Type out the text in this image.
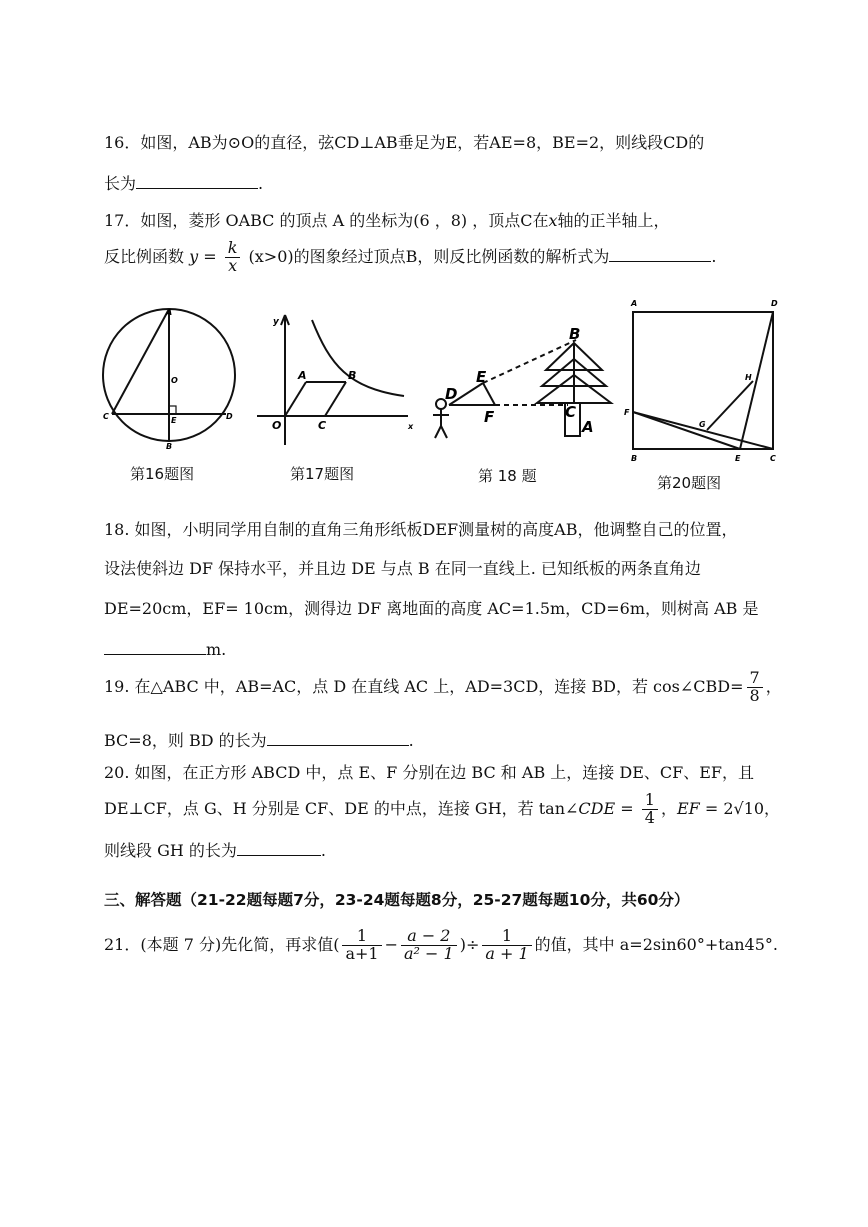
16．如图，AB为⊙O的直径，弦CD⊥AB垂足为E，若AE=8，BE=2，则线段CD的
长为	.
17．如图，菱形 OABC 的顶点 A 的坐标为(6 ，8) ，顶点C在x轴的正半轴上，
反比例函数 $y = \frac{k}{x} (x>0)$的图象经过顶点B，则反比例函数的解析式为	.
A
O
C	E	D
B
y
A	B
O	C	x
B
D
E
F	C
A
A	D
H
F
G
B	E	C
第16题图	第17题图	第 18 题	第20题图
18. 如图，小明同学用自制的直角三角形纸板DEF测量树的高度AB，他调整自己的位置，
设法使斜边 DF 保持水平，并且边 DE 与点 B 在同一直线上. 已知纸板的两条直角边
DE=20cm，EF= 10cm，测得边 DF 离地面的高度 AC=1.5m，CD=6m，则树高 AB 是
m.
19. 在△ABC 中，AB=AC，点 D 在直线 AC 上，AD=3CD，连接 BD，若 cos∠CBD= $\frac{7}{8}$ ，
BC=8，则 BD 的长为	.
20. 如图，在正方形 ABCD 中，点 E、F 分别在边 BC 和 AB 上，连接 DE、CF、EF，且
DE⊥CF，点 G、H 分别是 CF、DE 的中点，连接 GH，若 tan∠CDE = $\frac{1}{4}$ ，EF = 2√10，
则线段 GH 的长为	.
三、解答题（21-22题每题7分，23-24题每题8分，25-27题每题10分，共60分）
21．(本题 7 分)先化简，再求值( $\frac{1}{a+1} - \frac{a - 2}{\text{a² − 1}}$ )÷ $\frac{1}{a + 1}$ 的值，其中 a=2sin60°+tan45°.
